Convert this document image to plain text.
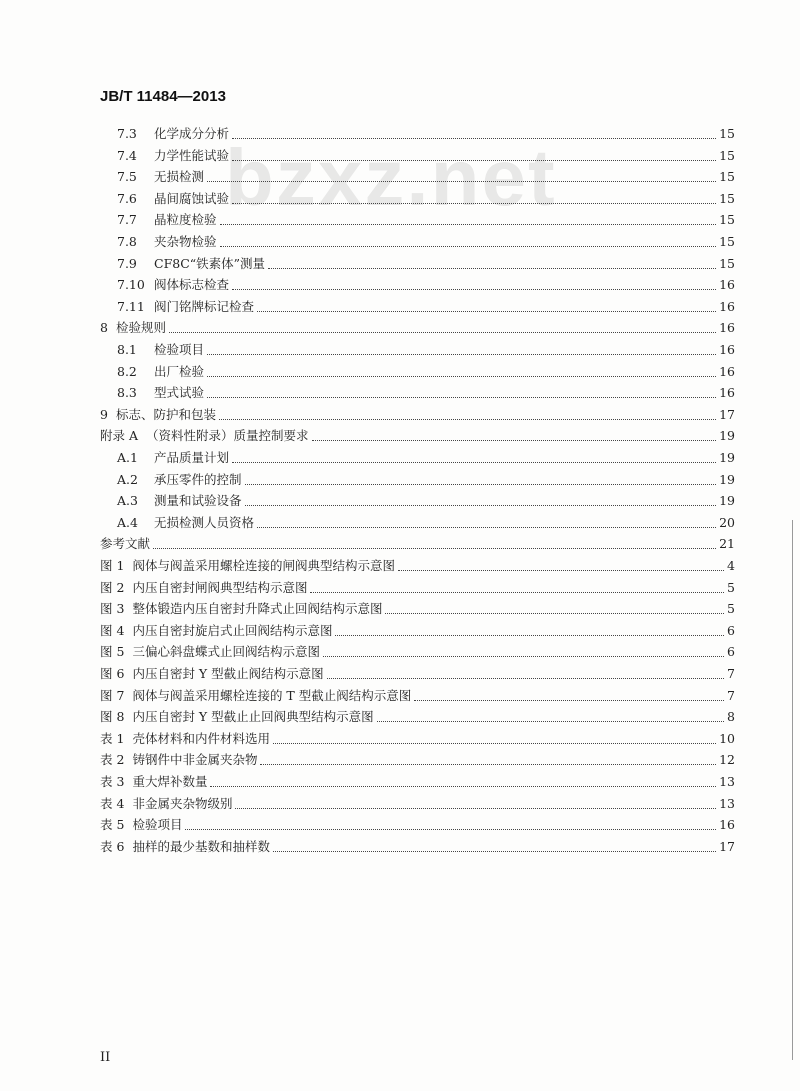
JB/T 11484—2013
bzxz.net
7.3	化学成分分析	15
7.4	力学性能试验	15
7.5	无损检测	15
7.6	晶间腐蚀试验	15
7.7	晶粒度检验	15
7.8	夹杂物检验	15
7.9	CF8C“铁素体”测量	15
7.10 阀体标志检查	16
7.11 阀门铭牌标记检查	16
8 检验规则	16
8.1	检验项目	16
8.2	出厂检验	16
8.3	型式试验	16
9 标志、防护和包装	17
附录 A （资料性附录）质量控制要求	19
A.1	产品质量计划	19
A.2	承压零件的控制	19
A.3	测量和试验设备	19
A.4	无损检测人员资格	20
参考文献	21
图 1 阀体与阀盖采用螺栓连接的闸阀典型结构示意图	4
图 2 内压自密封闸阀典型结构示意图	5
图 3 整体锻造内压自密封升降式止回阀结构示意图	5
图 4 内压自密封旋启式止回阀结构示意图	6
图 5 三偏心斜盘蝶式止回阀结构示意图	6
图 6 内压自密封 Y 型截止阀结构示意图	7
图 7 阀体与阀盖采用螺栓连接的 T 型截止阀结构示意图	7
图 8 内压自密封 Y 型截止止回阀典型结构示意图	8
表 1 壳体材料和内件材料选用	10
表 2 铸钢件中非金属夹杂物	12
表 3 重大焊补数量	13
表 4 非金属夹杂物级别	13
表 5 检验项目	16
表 6 抽样的最少基数和抽样数	17
II
